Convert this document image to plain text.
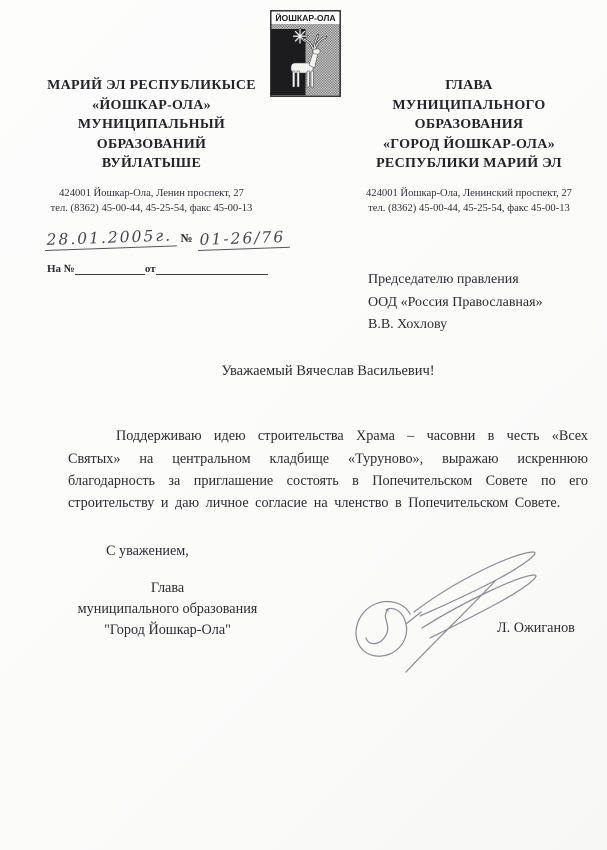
ЙОШКАР-ОЛА
МАРИЙ ЭЛ РЕСПУБЛИКЫСЕ
«ЙОШКАР-ОЛА»
МУНИЦИПАЛЬНЫЙ
ОБРАЗОВАНИЙ
ВУЙЛАТЫШЕ
ГЛАВА
МУНИЦИПАЛЬНОГО
ОБРАЗОВАНИЯ
«ГОРОД ЙОШКАР-ОЛА»
РЕСПУБЛИКИ МАРИЙ ЭЛ
424001 Йошкар-Ола, Ленин проспект, 27
тел. (8362) 45-00-44, 45-25-54, факс 45-00-13
424001 Йошкар-Ола, Ленинский проспект, 27
тел. (8362) 45-00-44, 45-25-54, факс 45-00-13
28.01.2005г. № 01-26/76
На №	от
Председателю правления
ООД «Россия Православная»
В.В. Хохлову
Уважаемый Вячеслав Васильевич!

Поддерживаю идею строительства Храма – часовни в честь «Всех Святых» на центральном кладбище «Туруново», выражаю искреннюю благодарность за приглашение состоять в Попечительском Совете по его строительству и даю личное согласие на членство в Попечительском Совете.

С уважением,
Глава
муниципального образования
"Город Йошкар-Ола"	Л. Ожиганов
